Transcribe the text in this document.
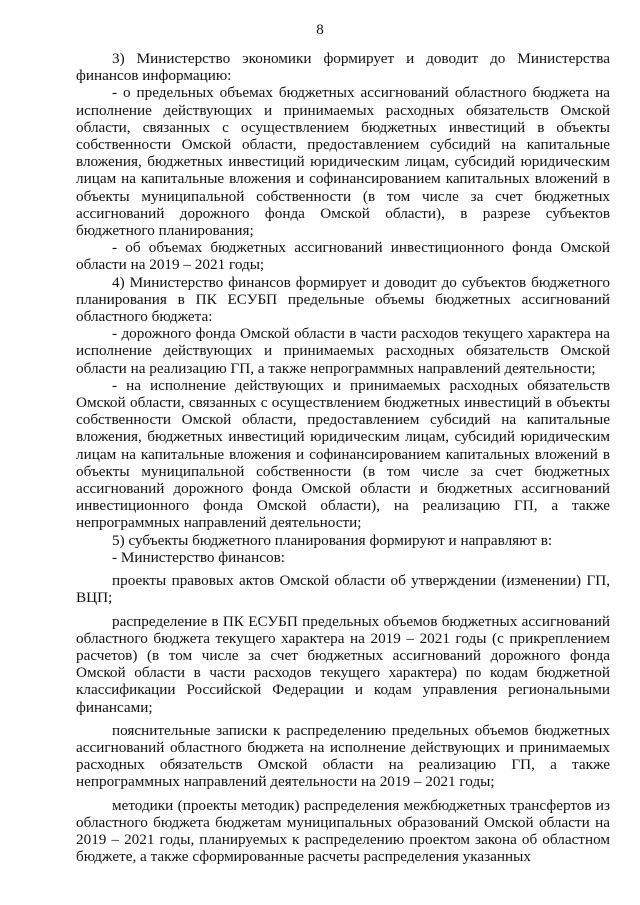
8

3) Министерство экономики формирует и доводит до Министерства финансов информацию:

- о предельных объемах бюджетных ассигнований областного бюджета на исполнение действующих и принимаемых расходных обязательств Омской области, связанных с осуществлением бюджетных инвестиций в объекты собственности Омской области, предоставлением субсидий на капитальные вложения, бюджетных инвестиций юридическим лицам, субсидий юридическим лицам на капитальные вложения и софинансированием капитальных вложений в объекты муниципальной собственности (в том числе за счет бюджетных ассигнований дорожного фонда Омской области), в разрезе субъектов бюджетного планирования;

- об объемах бюджетных ассигнований инвестиционного фонда Омской области на 2019 – 2021 годы;

4) Министерство финансов формирует и доводит до субъектов бюджетного планирования в ПК ЕСУБП предельные объемы бюджетных ассигнований областного бюджета:

- дорожного фонда Омской области в части расходов текущего характера на исполнение действующих и принимаемых расходных обязательств Омской области на реализацию ГП, а также непрограммных направлений деятельности;

- на исполнение действующих и принимаемых расходных обязательств Омской области, связанных с осуществлением бюджетных инвестиций в объекты собственности Омской области, предоставлением субсидий на капитальные вложения, бюджетных инвестиций юридическим лицам, субсидий юридическим лицам на капитальные вложения и софинансированием капитальных вложений в объекты муниципальной собственности (в том числе за счет бюджетных ассигнований дорожного фонда Омской области и бюджетных ассигнований инвестиционного фонда Омской области), на реализацию ГП, а также непрограммных направлений деятельности;

5) субъекты бюджетного планирования формируют и направляют в:

- Министерство финансов:

проекты правовых актов Омской области об утверждении (изменении) ГП, ВЦП;

распределение в ПК ЕСУБП предельных объемов бюджетных ассигнований областного бюджета текущего характера на 2019 – 2021 годы (с прикреплением расчетов) (в том числе за счет бюджетных ассигнований дорожного фонда Омской области в части расходов текущего характера) по кодам бюджетной классификации Российской Федерации и кодам управления региональными финансами;

пояснительные записки к распределению предельных объемов бюджетных ассигнований областного бюджета на исполнение действующих и принимаемых расходных обязательств Омской области на реализацию ГП, а также непрограммных направлений деятельности на 2019 – 2021 годы;

методики (проекты методик) распределения межбюджетных трансфертов из областного бюджета бюджетам муниципальных образований Омской области на 2019 – 2021 годы, планируемых к распределению проектом закона об областном бюджете, а также сформированные расчеты распределения указанных
